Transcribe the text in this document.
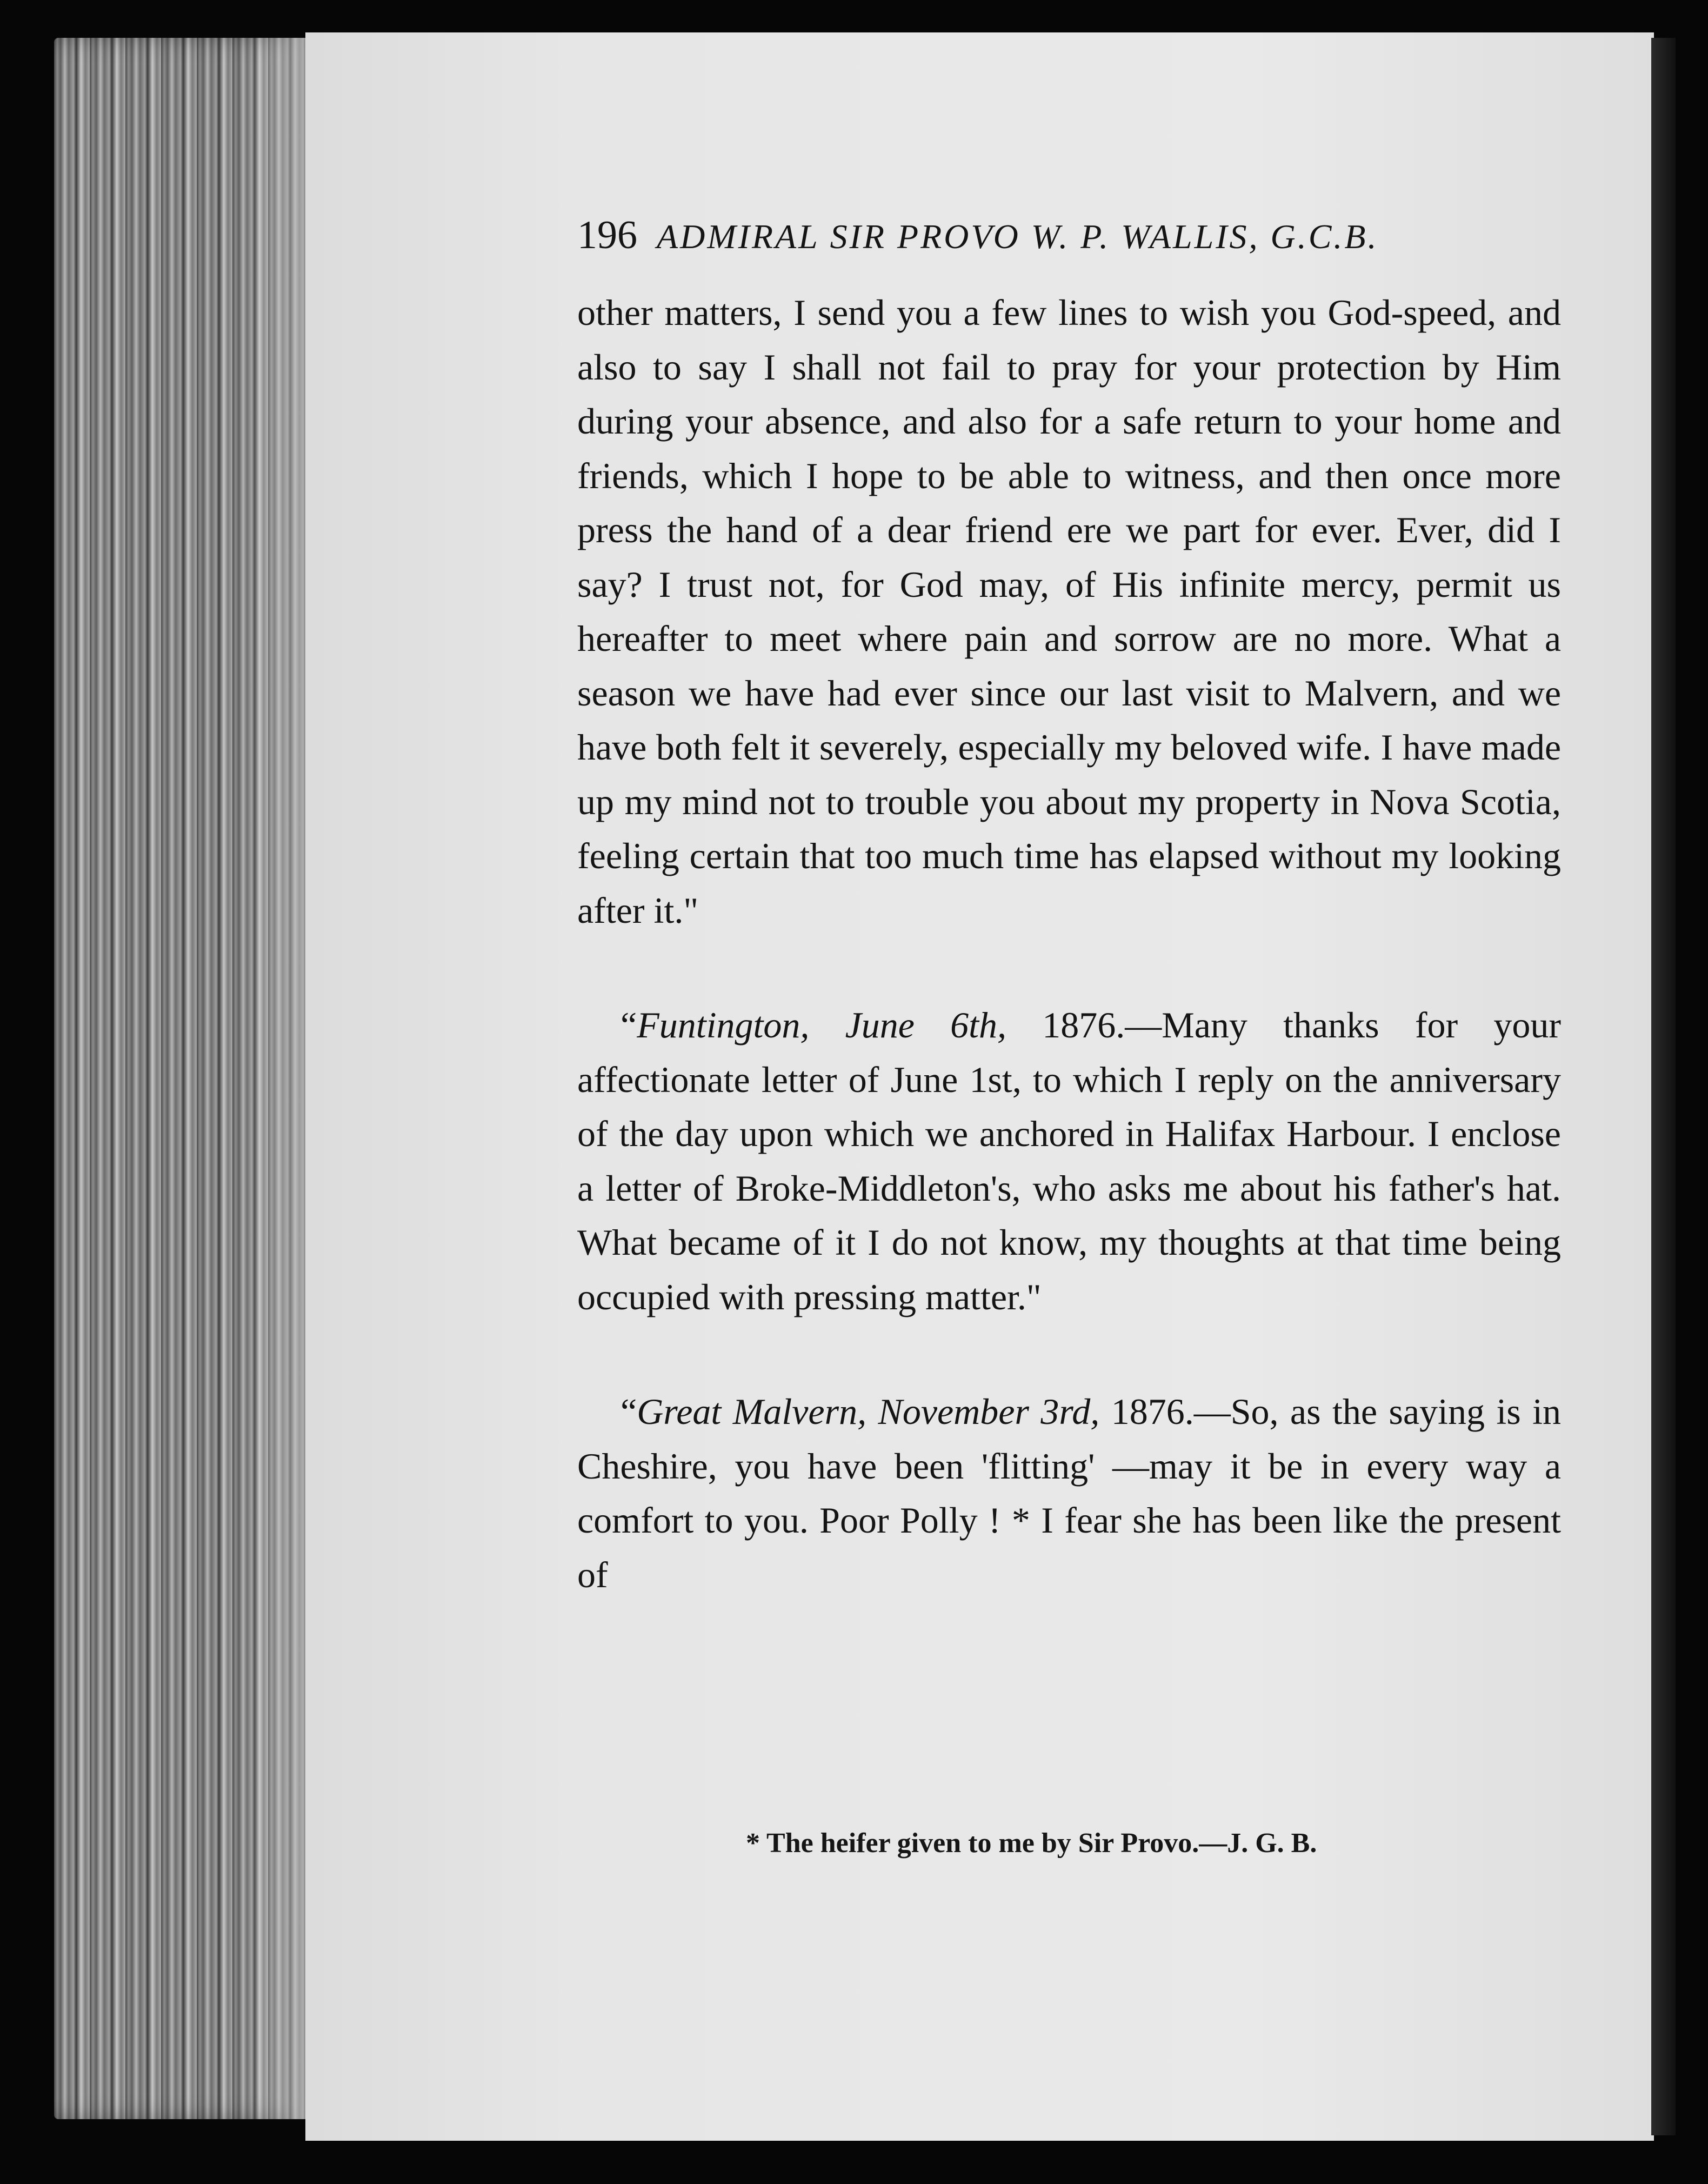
196 ADMIRAL SIR PROVO W. P. WALLIS, G.C.B.

other matters, I send you a few lines to wish you God-speed, and also to say I shall not fail to pray for your protection by Him during your absence, and also for a safe return to your home and friends, which I hope to be able to witness, and then once more press the hand of a dear friend ere we part for ever. Ever, did I say? I trust not, for God may, of His infinite mercy, permit us hereafter to meet where pain and sorrow are no more. What a season we have had ever since our last visit to Malvern, and we have both felt it severely, especially my beloved wife. I have made up my mind not to trouble you about my property in Nova Scotia, feeling certain that too much time has elapsed without my looking after it."

“Funtington, June 6th, 1876.—Many thanks for your affectionate letter of June 1st, to which I reply on the anniversary of the day upon which we anchored in Halifax Harbour. I enclose a letter of Broke-Middleton's, who asks me about his father's hat. What became of it I do not know, my thoughts at that time being occupied with pressing matter."

“Great Malvern, November 3rd, 1876.—So, as the saying is in Cheshire, you have been 'flitting' —may it be in every way a comfort to you. Poor Polly ! * I fear she has been like the present of

* The heifer given to me by Sir Provo.—J. G. B.
